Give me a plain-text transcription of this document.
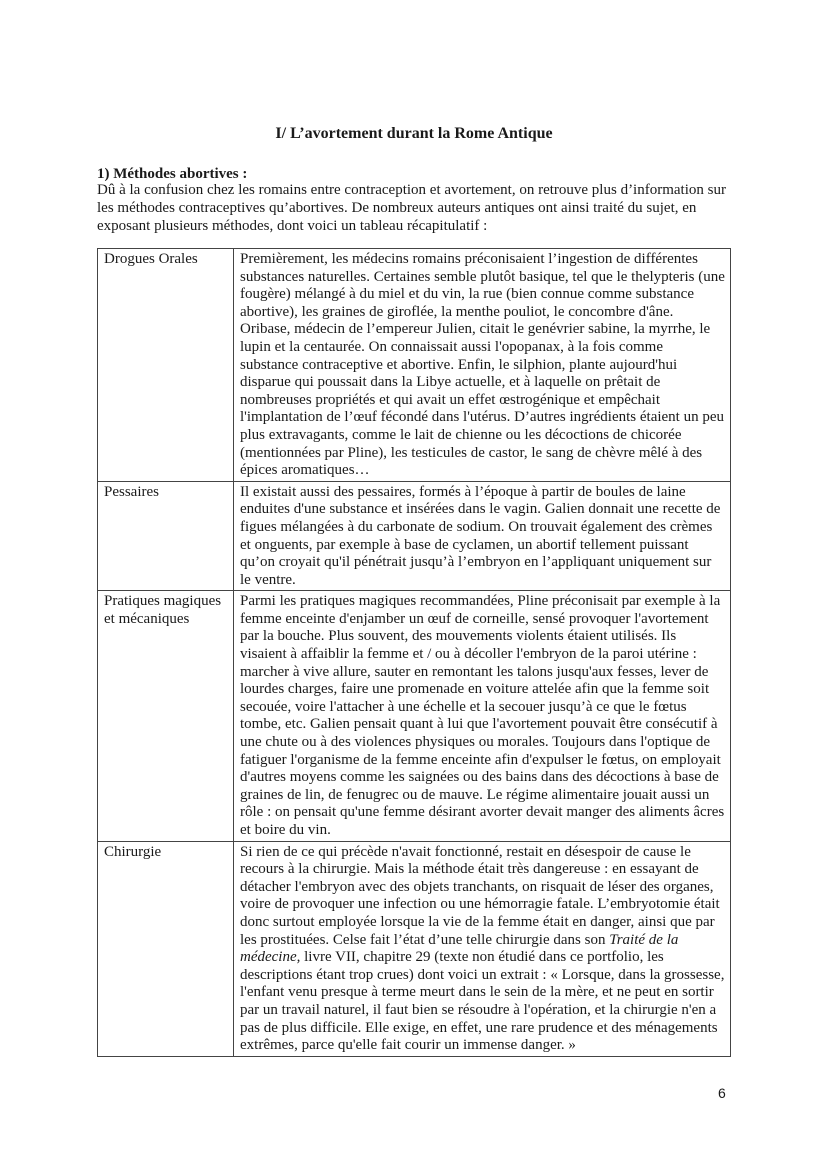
I/ L’avortement durant la Rome Antique
1) Méthodes abortives :

Dû à la confusion chez les romains entre contraception et avortement, on retrouve plus d’information sur les méthodes contraceptives qu’abortives. De nombreux auteurs antiques ont ainsi traité du sujet, en exposant plusieurs méthodes, dont voici un tableau récapitulatif :

Drogues Orales	Premièrement, les médecins romains préconisaient l’ingestion de différentes substances naturelles. Certaines semble plutôt basique, tel que le thelypteris (une fougère) mélangé à du miel et du vin, la rue (bien connue comme substance abortive), les graines de giroflée, la menthe pouliot, le concombre d'âne. Oribase, médecin de l’empereur Julien, citait le genévrier sabine, la myrrhe, le lupin et la centaurée. On connaissait aussi l'opopanax, à la fois comme substance contraceptive et abortive. Enfin, le silphion, plante aujourd'hui disparue qui poussait dans la Libye actuelle, et à laquelle on prêtait de nombreuses propriétés et qui avait un effet œstrogénique et empêchait l'implantation de l’œuf fécondé dans l'utérus. D’autres ingrédients étaient un peu plus extravagants, comme le lait de chienne ou les décoctions de chicorée (mentionnées par Pline), les testicules de castor, le sang de chèvre mêlé à des épices aromatiques…
Pessaires	Il existait aussi des pessaires, formés à l’époque à partir de boules de laine enduites d'une substance et insérées dans le vagin. Galien donnait une recette de figues mélangées à du carbonate de sodium. On trouvait également des crèmes et onguents, par exemple à base de cyclamen, un abortif tellement puissant qu’on croyait qu'il pénétrait jusqu’à l’embryon en l’appliquant uniquement sur le ventre.
Pratiques magiques et mécaniques	Parmi les pratiques magiques recommandées, Pline préconisait par exemple à la femme enceinte d'enjamber un œuf de corneille, sensé provoquer l'avortement par la bouche. Plus souvent, des mouvements violents étaient utilisés. Ils visaient à affaiblir la femme et / ou à décoller l'embryon de la paroi utérine : marcher à vive allure, sauter en remontant les talons jusqu'aux fesses, lever de lourdes charges, faire une promenade en voiture attelée afin que la femme soit secouée, voire l'attacher à une échelle et la secouer jusqu’à ce que le fœtus tombe, etc. Galien pensait quant à lui que l'avortement pouvait être consécutif à une chute ou à des violences physiques ou morales. Toujours dans l'optique de fatiguer l'organisme de la femme enceinte afin d'expulser le fœtus, on employait d'autres moyens comme les saignées ou des bains dans des décoctions à base de graines de lin, de fenugrec ou de mauve. Le régime alimentaire jouait aussi un rôle : on pensait qu'une femme désirant avorter devait manger des aliments âcres et boire du vin.
Chirurgie	Si rien de ce qui précède n'avait fonctionné, restait en désespoir de cause le recours à la chirurgie. Mais la méthode était très dangereuse : en essayant de détacher l'embryon avec des objets tranchants, on risquait de léser des organes, voire de provoquer une infection ou une hémorragie fatale. L’embryotomie était donc surtout employée lorsque la vie de la femme était en danger, ainsi que par les prostituées. Celse fait l’état d’une telle chirurgie dans son Traité de la médecine, livre VII, chapitre 29 (texte non étudié dans ce portfolio, les descriptions étant trop crues) dont voici un extrait : « Lorsque, dans la grossesse, l'enfant venu presque à terme meurt dans le sein de la mère, et ne peut en sortir par un travail naturel, il faut bien se résoudre à l'opération, et la chirurgie n'en a pas de plus difficile. Elle exige, en effet, une rare prudence et des ménagements extrêmes, parce qu'elle fait courir un immense danger. »
6
